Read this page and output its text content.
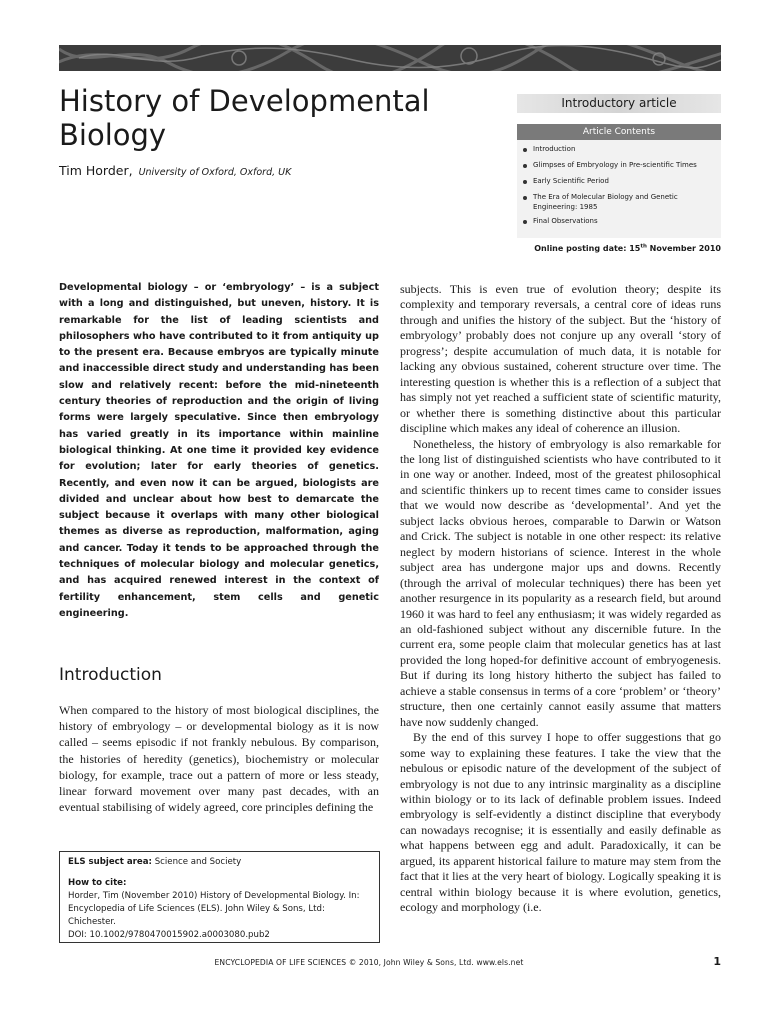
History of Developmental
Biology
Tim Horder, University of Oxford, Oxford, UK
Introductory article
Article Contents
Introduction
Glimpses of Embryology in Pre-scientific Times
Early Scientific Period
The Era of Molecular Biology and Genetic Engineering: 1985
Final Observations
Online posting date: 15th November 2010

Developmental biology – or ‘embryology’ – is a subject with a long and distinguished, but uneven, history. It is remarkable for the list of leading scientists and philosophers who have contributed to it from antiquity up to the present era. Because embryos are typically minute and inaccessible direct study and understanding has been slow and relatively recent: before the mid-nineteenth century theories of reproduction and the origin of living forms were largely speculative. Since then embryology has varied greatly in its importance within mainline biological thinking. At one time it provided key evidence for evolution; later for early theories of genetics. Recently, and even now it can be argued, biologists are divided and unclear about how best to demarcate the subject because it overlaps with many other biological themes as diverse as reproduction, malformation, aging and cancer. Today it tends to be approached through the techniques of molecular biology and molecular genetics, and has acquired renewed interest in the context of fertility enhancement, stem cells and genetic engineering.

Introduction

When compared to the history of most biological disciplines, the history of embryology – or developmental biology as it is now called – seems episodic if not frankly nebulous. By comparison, the histories of heredity (genetics), biochemistry or molecular biology, for example, trace out a pattern of more or less steady, linear forward movement over many past decades, with an eventual stabilising of widely agreed, core principles defining the

ELS subject area: Science and Society
How to cite:
Horder, Tim (November 2010) History of Developmental Biology. In:
Encyclopedia of Life Sciences (ELS). John Wiley & Sons, Ltd: Chichester.
DOI: 10.1002/9780470015902.a0003080.pub2

subjects. This is even true of evolution theory; despite its complexity and temporary reversals, a central core of ideas runs through and unifies the history of the subject. But the ‘history of embryology’ probably does not conjure up any overall ‘story of progress’; despite accumulation of much data, it is notable for lacking any obvious sustained, coherent structure over time. The interesting question is whether this is a reflection of a subject that has simply not yet reached a sufficient state of scientific maturity, or whether there is something distinctive about this particular discipline which makes any ideal of coherence an illusion.

Nonetheless, the history of embryology is also remarkable for the long list of distinguished scientists who have contributed to it in one way or another. Indeed, most of the greatest philosophical and scientific thinkers up to recent times came to consider issues that we would now describe as ‘developmental’. And yet the subject lacks obvious heroes, comparable to Darwin or Watson and Crick. The subject is notable in one other respect: its relative neglect by modern historians of science. Interest in the whole subject area has undergone major ups and downs. Recently (through the arrival of molecular techniques) there has been yet another resurgence in its popularity as a research field, but around 1960 it was hard to feel any enthusiasm; it was widely regarded as an old-fashioned subject without any discernible future. In the current era, some people claim that molecular genetics has at last provided the long hoped-for definitive account of embryogenesis. But if during its long history hitherto the subject has failed to achieve a stable consensus in terms of a core ‘problem’ or ‘theory’ structure, then one certainly cannot easily assume that matters have now suddenly changed.

By the end of this survey I hope to offer suggestions that go some way to explaining these features. I take the view that the nebulous or episodic nature of the development of the subject of embryology is not due to any intrinsic marginality as a discipline within biology or to its lack of definable problem issues. Indeed embryology is self-evidently a distinct discipline that everybody can nowadays recognise; it is essentially and easily definable as what happens between egg and adult. Paradoxically, it can be argued, its apparent historical failure to mature may stem from the fact that it lies at the very heart of biology. Logically speaking it is central within biology because it is where evolution, genetics, ecology and morphology (i.e.

ENCYCLOPEDIA OF LIFE SCIENCES © 2010, John Wiley & Sons, Ltd. www.els.net	1
